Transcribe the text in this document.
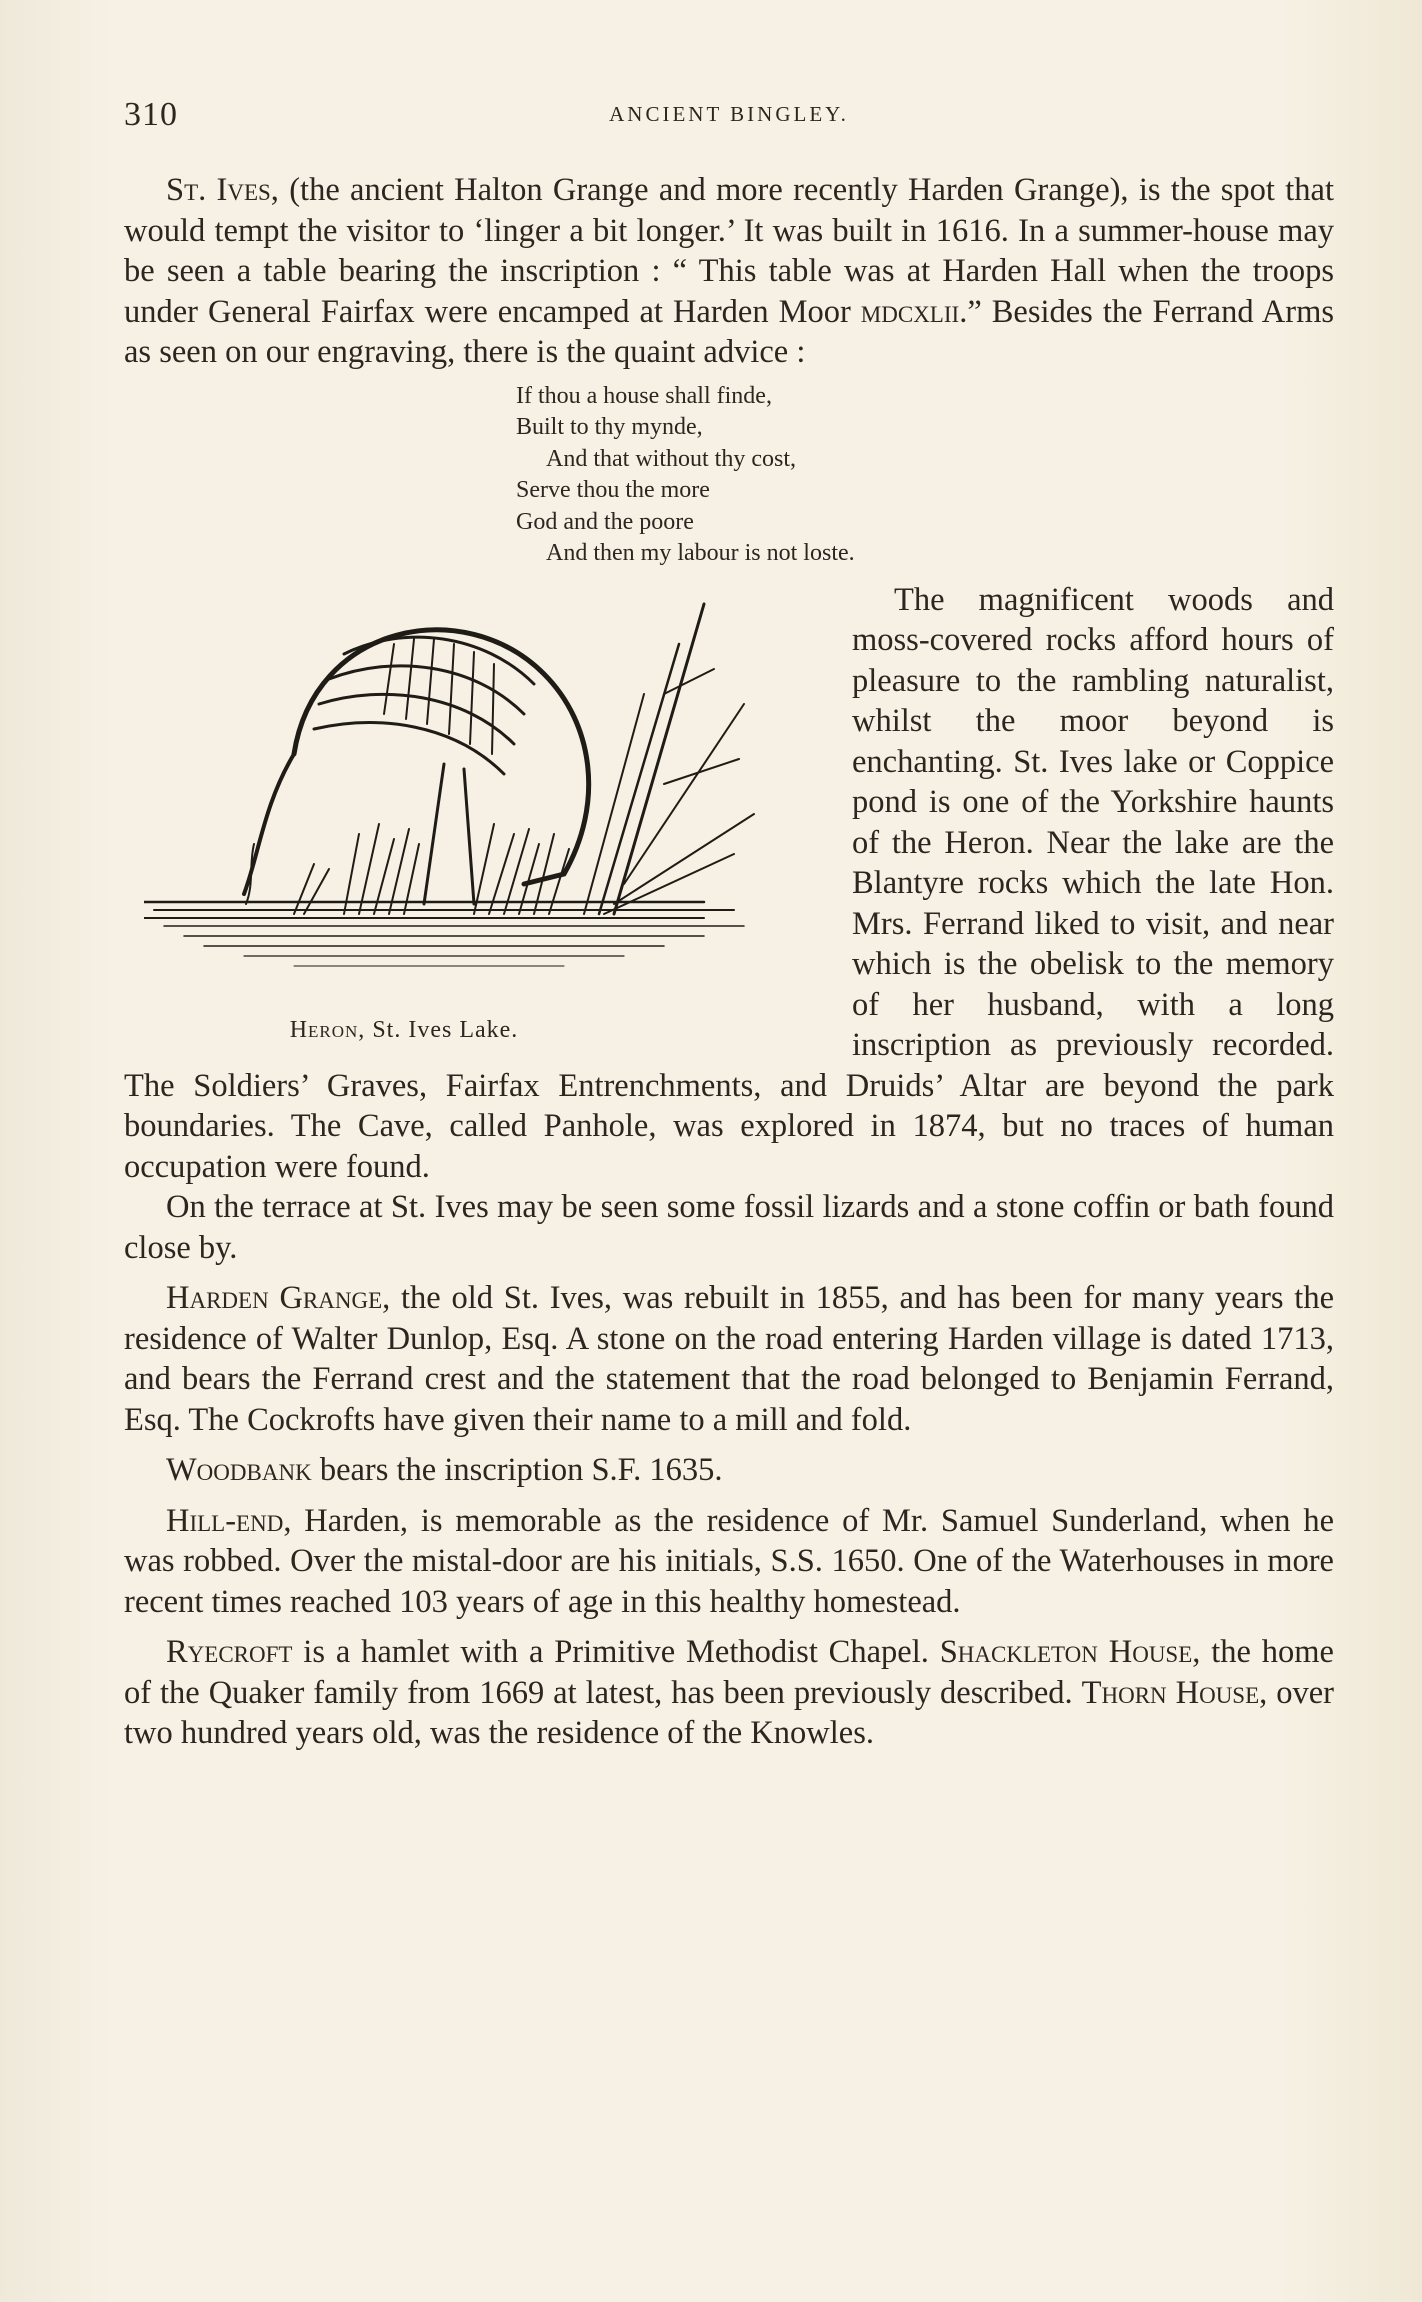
310	ANCIENT BINGLEY.

St. Ives, (the ancient Halton Grange and more recently Harden Grange), is the spot that would tempt the visitor to ‘linger a bit longer.’ It was built in 1616. In a summer-house may be seen a table bearing the inscription : “ This table was at Harden Hall when the troops under General Fairfax were encamped at Harden Moor mdcxlii.” Besides the Ferrand Arms as seen on our engraving, there is the quaint advice :

If thou a house shall finde,
Built to thy mynde,
And that without thy cost,
Serve thou the more
God and the poore
And then my labour is not loste.
Heron, St. Ives Lake.

The magnificent woods and moss-covered rocks afford hours of pleasure to the rambling naturalist, whilst the moor beyond is enchanting. St. Ives lake or Coppice pond is one of the Yorkshire haunts of the Heron. Near the lake are the Blantyre rocks which the late Hon. Mrs. Ferrand liked to visit, and near which is the obelisk to the memory of her husband, with a long inscription as previously recorded. The Soldiers’ Graves, Fairfax Entrenchments, and Druids’ Altar are beyond the park boundaries. The Cave, called Panhole, was explored in 1874, but no traces of human occupation were found.

On the terrace at St. Ives may be seen some fossil lizards and a stone coffin or bath found close by.

Harden Grange, the old St. Ives, was rebuilt in 1855, and has been for many years the residence of Walter Dunlop, Esq. A stone on the road entering Harden village is dated 1713, and bears the Ferrand crest and the statement that the road belonged to Benjamin Ferrand, Esq. The Cockrofts have given their name to a mill and fold.

Woodbank bears the inscription S.F. 1635.

Hill-end, Harden, is memorable as the residence of Mr. Samuel Sunderland, when he was robbed. Over the mistal-door are his initials, S.S. 1650. One of the Waterhouses in more recent times reached 103 years of age in this healthy homestead.

Ryecroft is a hamlet with a Primitive Methodist Chapel. Shackleton House, the home of the Quaker family from 1669 at latest, has been previously described. Thorn House, over two hundred years old, was the residence of the Knowles.
